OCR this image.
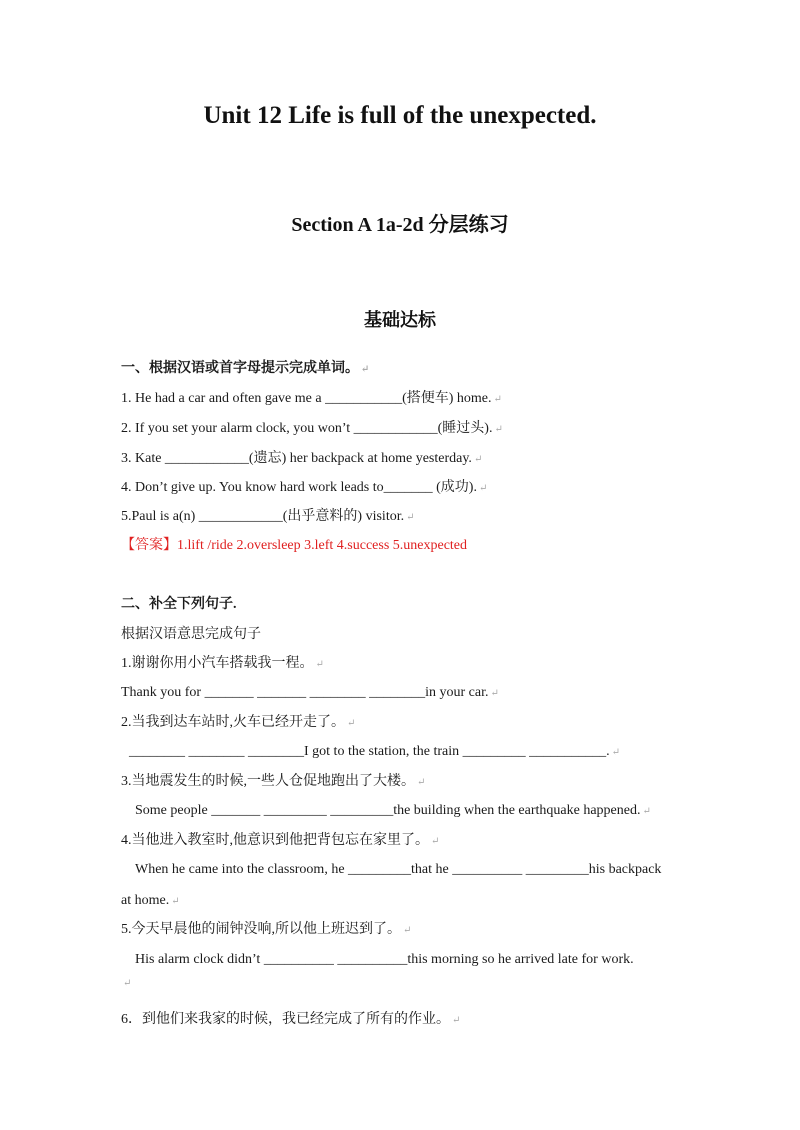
Unit 12 Life is full of the unexpected.
Section A 1a-2d 分层练习
基础达标
一、根据汉语或首字母提示完成单词。 ↵
1. He had a car and often gave me a ___________(搭便车) home. ↵
2. If you set your alarm clock, you won’t ____________(睡过头). ↵
3. Kate ____________(遗忘) her backpack at home yesterday. ↵
4. Don’t give up. You know hard work leads to_______ (成功). ↵
5.Paul is a(n) ____________(出乎意料的) visitor. ↵
【答案】1.lift /ride 2.oversleep 3.left 4.success 5.unexpected
二、补全下列句子.
根据汉语意思完成句子
1.谢谢你用小汽车搭载我一程。 ↵
Thank you for _______ _______ ________ ________in your car. ↵
2.当我到达车站时,火车已经开走了。 ↵
________ ________ ________I got to the station, the train _________ ___________. ↵
3.当地震发生的时候,一些人仓促地跑出了大楼。 ↵
Some people _______ _________ _________the building when the earthquake happened. ↵
4.当他进入教室时,他意识到他把背包忘在家里了。 ↵
When he came into the classroom, he _________that he __________ _________his backpack
at home. ↵
5.今天早晨他的闹钟没响,所以他上班迟到了。 ↵
His alarm clock didn’t __________ __________this morning so he arrived late for work.
↵
6．到他们来我家的时候，我已经完成了所有的作业。 ↵
